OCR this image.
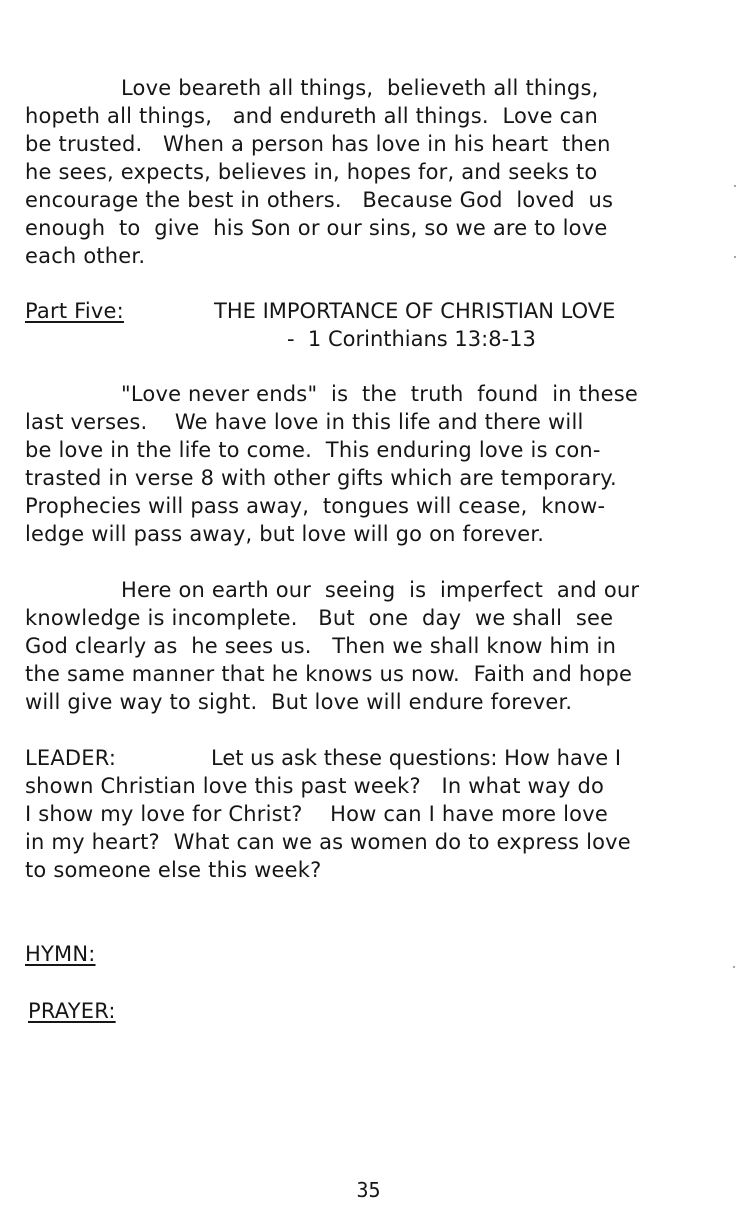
Love beareth all things,  believeth all things,
hopeth all things,   and endureth all things.  Love can
be trusted.   When a person has love in his heart  then
he sees, expects, believes in, hopes for, and seeks to
encourage the best in others.   Because God  loved  us
enough  to  give  his Son or our sins, so we are to love
each other.
Part Five:	THE IMPORTANCE OF CHRISTIAN LOVE
-  1 Corinthians 13:8-13
"Love never ends"  is  the  truth  found  in these
last verses.    We have love in this life and there will
be love in the life to come.  This enduring love is con-
trasted in verse 8 with other gifts which are temporary.
Prophecies will pass away,  tongues will cease,  know-
ledge will pass away, but love will go on forever.
Here on earth our  seeing  is  imperfect  and our
knowledge is incomplete.   But  one  day  we shall  see
God clearly as  he sees us.   Then we shall know him in
the same manner that he knows us now.  Faith and hope
will give way to sight.  But love will endure forever.
LEADER:	Let us ask these questions: How have I
shown Christian love this past week?   In what way do
I show my love for Christ?    How can I have more love
in my heart?  What can we as women do to express love
to someone else this week?
HYMN:
PRAYER:
35
